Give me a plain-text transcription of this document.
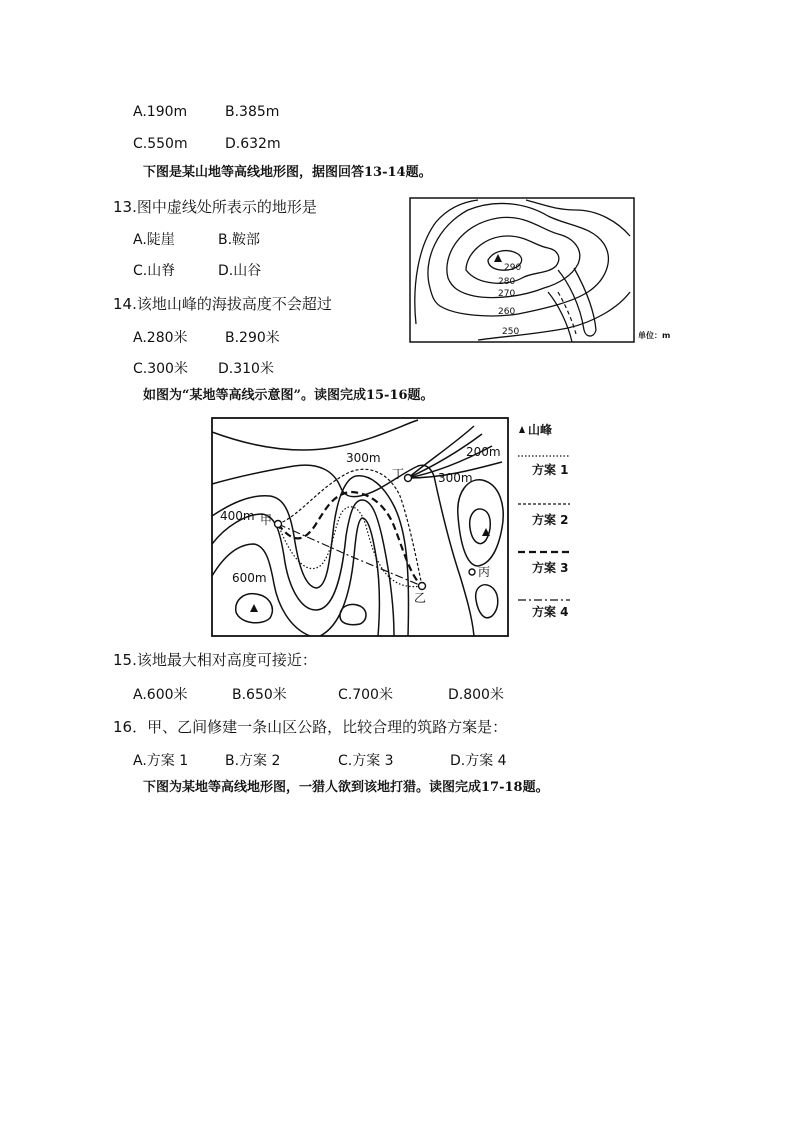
A.190m	B.385m
C.550m	D.632m
下图是某山地等高线地形图，据图回答13-14题。
13.图中虚线处所表示的地形是
A.陡崖	B.鞍部
C.山脊	D.山谷
14.该地山峰的海拔高度不会超过
A.280米	B.290米
C.300米 D.310米
290
280
270
260
250	单位：m
如图为“某地等高线示意图”。读图完成15-16题。
300m	200m
300m
400m
600m
丁
甲
乙
丙
山峰
方案 1
方案 2
方案 3
方案 4
15.该地最大相对高度可接近：
A.600米	B.650米	C.700米	D.800米
16．甲、乙间修建一条山区公路，比较合理的筑路方案是：
A.方案 1	B.方案 2	C.方案 3	D.方案 4
下图为某地等高线地形图，一猎人欲到该地打猎。读图完成17-18题。
